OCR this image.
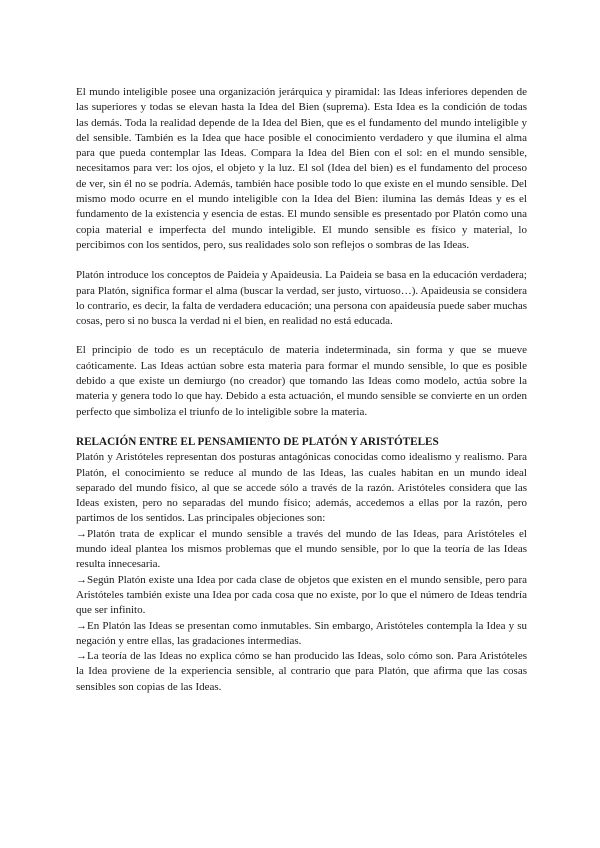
El mundo inteligible posee una organización jerárquica y piramidal: las Ideas inferiores dependen de las superiores y todas se elevan hasta la Idea del Bien (suprema). Esta Idea es la condición de todas las demás. Toda la realidad depende de la Idea del Bien, que es el fundamento del mundo inteligible y del sensible. También es la Idea que hace posible el conocimiento verdadero y que ilumina el alma para que pueda contemplar las Ideas. Compara la Idea del Bien con el sol: en el mundo sensible, necesitamos para ver: los ojos, el objeto y la luz. El sol (Idea del bien) es el fundamento del proceso de ver, sin él no se podría. Además, también hace posible todo lo que existe en el mundo sensible. Del mismo modo ocurre en el mundo inteligible con la Idea del Bien: ilumina las demás Ideas y es el fundamento de la existencia y esencia de estas. El mundo sensible es presentado por Platón como una copia material e imperfecta del mundo inteligible. El mundo sensible es físico y material, lo percibimos con los sentidos, pero, sus realidades solo son reflejos o sombras de las Ideas.

Platón introduce los conceptos de Paideia y Apaideusia. La Paideia se basa en la educación verdadera; para Platón, significa formar el alma (buscar la verdad, ser justo, virtuoso…). Apaideusia se considera lo contrario, es decir, la falta de verdadera educación; una persona con apaideusía puede saber muchas cosas, pero si no busca la verdad ni el bien, en realidad no está educada.

El principio de todo es un receptáculo de materia indeterminada, sin forma y que se mueve caóticamente. Las Ideas actúan sobre esta materia para formar el mundo sensible, lo que es posible debido a que existe un demiurgo (no creador) que tomando las Ideas como modelo, actúa sobre la materia y genera todo lo que hay. Debido a esta actuación, el mundo sensible se convierte en un orden perfecto que simboliza el triunfo de lo inteligible sobre la materia.

RELACIÓN ENTRE EL PENSAMIENTO DE PLATÓN Y ARISTÓTELES

Platón y Aristóteles representan dos posturas antagónicas conocidas como idealismo y realismo. Para Platón, el conocimiento se reduce al mundo de las Ideas, las cuales habitan en un mundo ideal separado del mundo físico, al que se accede sólo a través de la razón. Aristóteles considera que las Ideas existen, pero no separadas del mundo físico; además, accedemos a ellas por la razón, pero partimos de los sentidos. Las principales objeciones son:

→Platón trata de explicar el mundo sensible a través del mundo de las Ideas, para Aristóteles el mundo ideal plantea los mismos problemas que el mundo sensible, por lo que la teoría de las Ideas resulta innecesaria.

→Según Platón existe una Idea por cada clase de objetos que existen en el mundo sensible, pero para Aristóteles también existe una Idea por cada cosa que no existe, por lo que el número de Ideas tendría que ser infinito.

→En Platón las Ideas se presentan como inmutables. Sin embargo, Aristóteles contempla la Idea y su negación y entre ellas, las gradaciones intermedias.

→La teoría de las Ideas no explica cómo se han producido las Ideas, solo cómo son. Para Aristóteles la Idea proviene de la experiencia sensible, al contrario que para Platón, que afirma que las cosas sensibles son copias de las Ideas.
